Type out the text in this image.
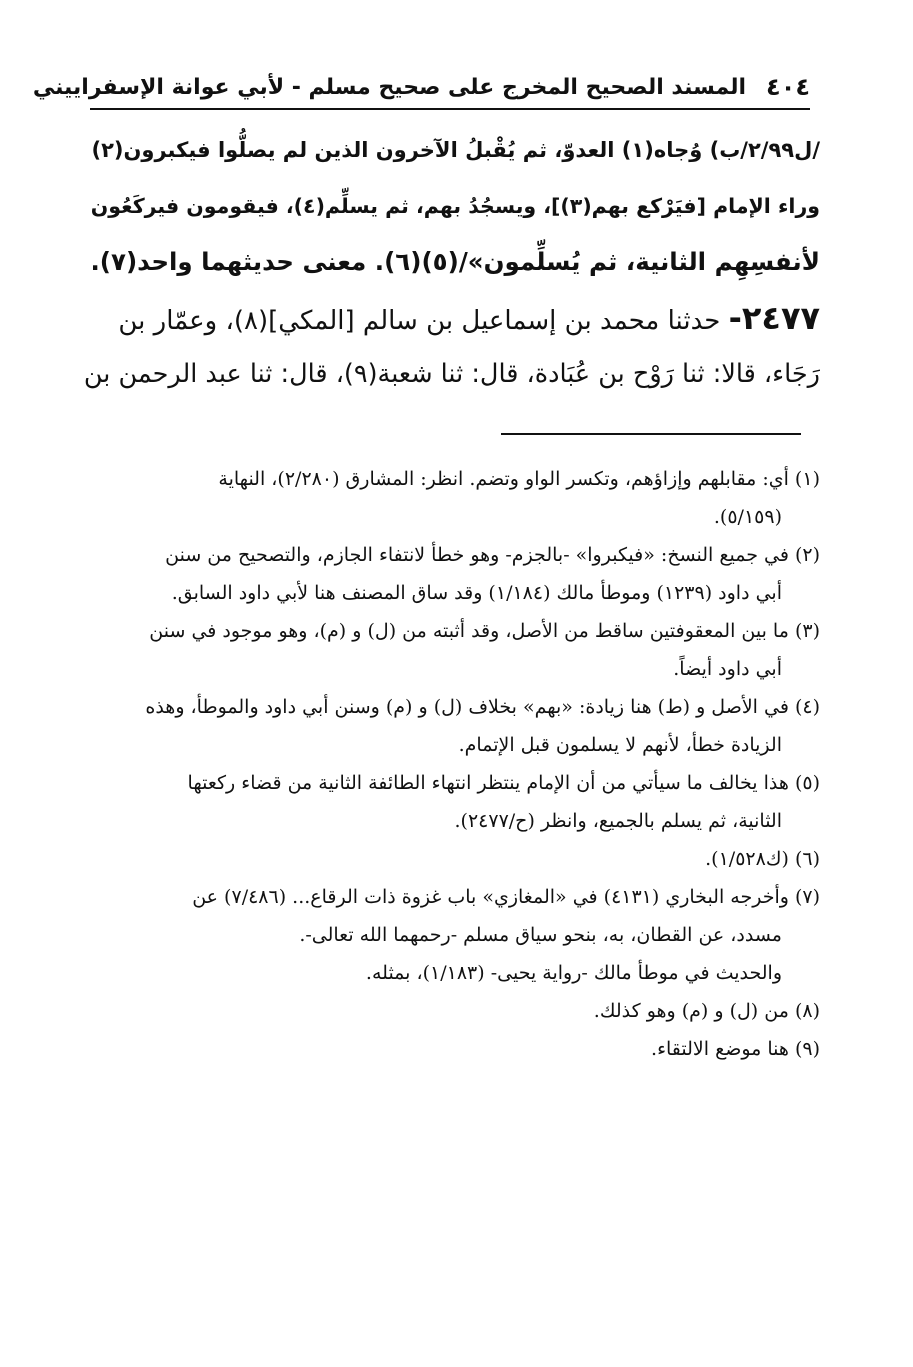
٤٠٤
المسند الصحيح المخرج على صحيح مسلم - لأبي عوانة الإسفراييني
/ل٢/٩٩/ب) وُجاه(١) العدوّ، ثم يُقْبلُ الآخرون الذين لم يصلُّوا فيكبرون(٢)
وراء الإمام [فيَرْكع بهم(٣)]، ويسجُدُ بهم، ثم يسلِّم(٤)، فيقومون فيركَعُون
لأنفسِهِم الثانية، ثم يُسلِّمون»/(٥)(٦). معنى حديثهما واحد(٧).
٢٤٧٧- حدثنا محمد بن إسماعيل بن سالم [المكي](٨)، وعمّار بن
رَجَاء، قالا: ثنا رَوْح بن عُبَادة، قال: ثنا شعبة(٩)، قال: ثنا عبد الرحمن بن
(١) أي: مقابلهم وإزاؤهم، وتكسر الواو وتضم. انظر: المشارق (٢/٢٨٠)، النهاية
(٥/١٥٩).
(٢) في جميع النسخ: «فيكبروا» -بالجزم- وهو خطأ لانتفاء الجازم، والتصحيح من سنن
أبي داود (١٢٣٩) وموطأ مالك (١/١٨٤) وقد ساق المصنف هنا لأبي داود السابق.
(٣) ما بين المعقوفتين ساقط من الأصل، وقد أثبته من (ل) و (م)، وهو موجود في سنن
أبي داود أيضاً.
(٤) في الأصل و (ط) هنا زيادة: «بهم» بخلاف (ل) و (م) وسنن أبي داود والموطأ، وهذه
الزيادة خطأ، لأنهم لا يسلمون قبل الإتمام.
(٥) هذا يخالف ما سيأتي من أن الإمام ينتظر انتهاء الطائفة الثانية من قضاء ركعتها
الثانية، ثم يسلم بالجميع، وانظر (ح/٢٤٧٧).
(٦) (ك١/٥٢٨).
(٧) وأخرجه البخاري (٤١٣١) في «المغازي» باب غزوة ذات الرقاع... (٧/٤٨٦) عن
مسدد، عن القطان، به، بنحو سياق مسلم -رحمهما الله تعالى-.
والحديث في موطأ مالك -رواية يحيى- (١/١٨٣)، بمثله.
(٨) من (ل) و (م) وهو كذلك.
(٩) هنا موضع الالتقاء.
